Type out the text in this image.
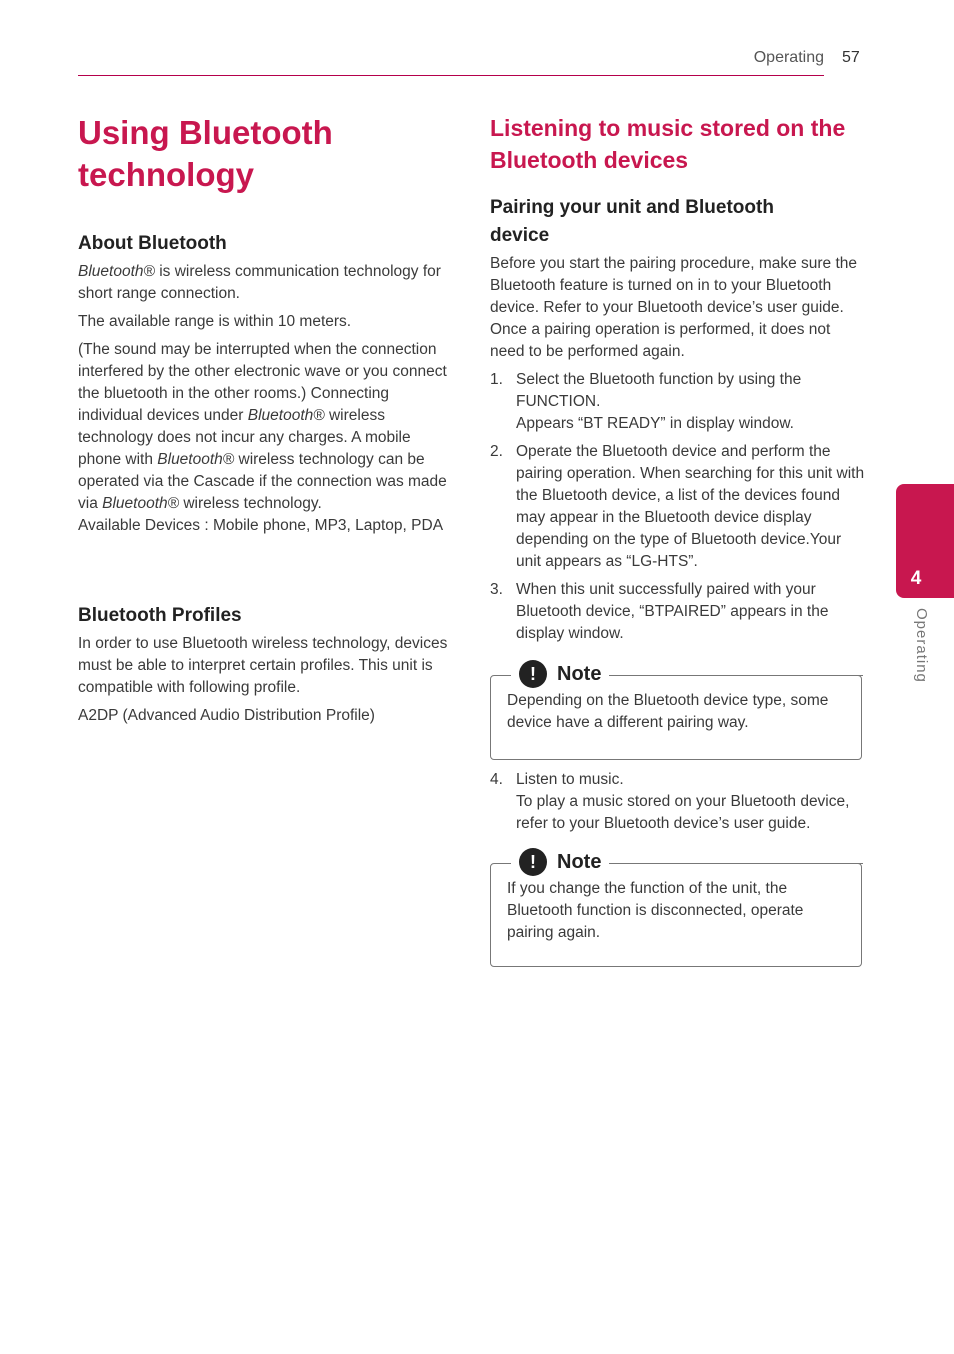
Operating 57
Using Bluetooth technology
About Bluetooth

Bluetooth® is wireless communication technology for short range connection.

The available range is within 10 meters.

(The sound may be interrupted when the connection interfered by the other electronic wave or you connect the bluetooth in the other rooms.) Connecting individual devices under Bluetooth® wireless technology does not incur any charges. A mobile phone with Bluetooth® wireless technology can be operated via the Cascade if the connection was made via Bluetooth® wireless technology.

Available Devices : Mobile phone, MP3, Laptop, PDA

Bluetooth Profiles

In order to use Bluetooth wireless technology, devices must be able to interpret certain profiles. This unit is compatible with following profile.

A2DP (Advanced Audio Distribution Profile)

Listening to music stored on the Bluetooth devices
Pairing your unit and Bluetooth device

Before you start the pairing procedure, make sure the Bluetooth feature is turned on in to your Bluetooth device. Refer to your Bluetooth device’s user guide. Once a pairing operation is performed, it does not need to be performed again.

1. Select the Bluetooth function by using the FUNCTION.
Appears “BT READY” in display window.
2. Operate the Bluetooth device and perform the pairing operation. When searching for this unit with the Bluetooth device, a list of the devices found may appear in the Bluetooth device display depending on the type of Bluetooth device.Your unit appears as “LG-HTS”.
3. When this unit successfully paired with your Bluetooth device, “BTPAIRED” appears in the display window.
!	Note

Depending on the Bluetooth device type, some device have a different pairing way.

4. Listen to music.
To play a music stored on your Bluetooth device, refer to your Bluetooth device’s user guide.
!	Note

If you change the function of the unit, the Bluetooth function is disconnected, operate pairing again.

4
Operating
